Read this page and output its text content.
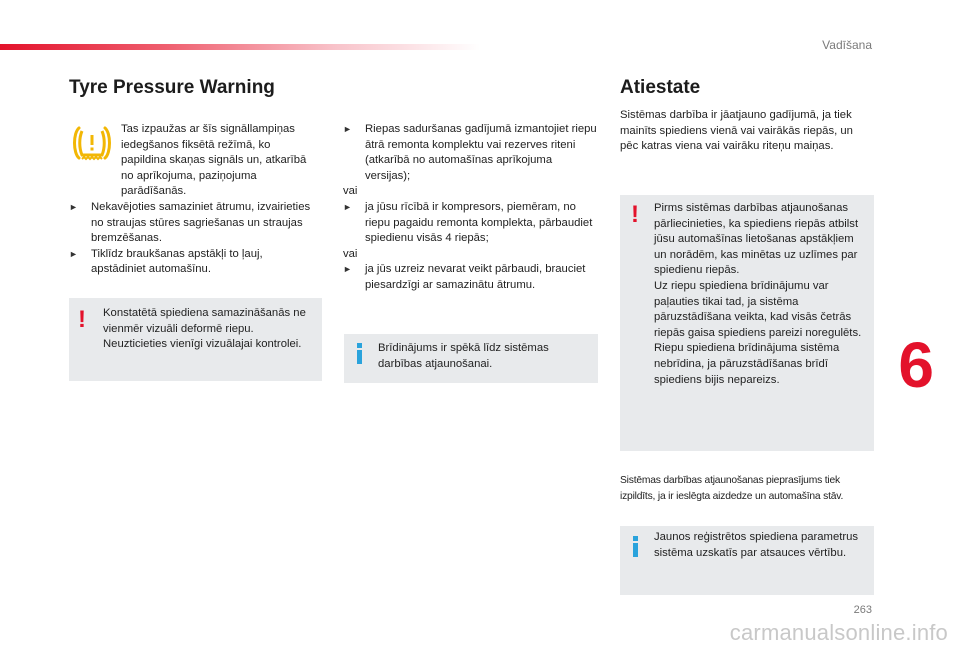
Vadīšana
Tyre Pressure Warning
Tas izpaužas ar šīs signāllampiņas iedegšanos fiksētā režīmā, ko papildina skaņas signāls un, atkarībā no aprīkojuma, paziņojuma parādīšanās.
► Nekavējoties samaziniet ātrumu, izvairieties no straujas stūres sagriešanas un straujas bremzēšanas.
► Tiklīdz braukšanas apstākļi to ļauj, apstādiniet automašīnu.
! Konstatētā spiediena samazināšanās ne vienmēr vizuāli deformē riepu. Neuzticieties vienīgi vizuālajai kontrolei.
► Riepas saduršanas gadījumā izmantojiet riepu ātrā remonta komplektu vai rezerves riteni (atkarībā no automašīnas aprīkojuma versijas);
vai
► ja jūsu rīcībā ir kompresors, piemēram, no riepu pagaidu remonta komplekta, pārbaudiet spiedienu visās 4 riepās;
vai
► ja jūs uzreiz nevarat veikt pārbaudi, brauciet piesardzīgi ar samazinātu ātrumu.
Brīdinājums ir spēkā līdz sistēmas darbības atjaunošanai.
Atiestate
Sistēmas darbība ir jāatjauno gadījumā, ja tiek mainīts spiediens vienā vai vairākās riepās, un pēc katras viena vai vairāku riteņu maiņas.
! Pirms sistēmas darbības atjaunošanas pārliecinieties, ka spiediens riepās atbilst jūsu automašīnas lietošanas apstākļiem un norādēm, kas minētas uz uzlīmes par spiedienu riepās.
Uz riepu spiediena brīdinājumu var paļauties tikai tad, ja sistēma pāruzstādīšana veikta, kad visās četrās riepās gaisa spiediens pareizi noregulēts.
Riepu spiediena brīdinājuma sistēma nebrīdina, ja pāruzstādīšanas brīdī spiediens bijis nepareizs.
Sistēmas darbības atjaunošanas pieprasījums tiek izpildīts, ja ir ieslēgta aizdedze un automašīna stāv.
Jaunos reģistrētos spiediena parametrus sistēma uzskatīs par atsauces vērtību.
6
263
carmanualsonline.info
